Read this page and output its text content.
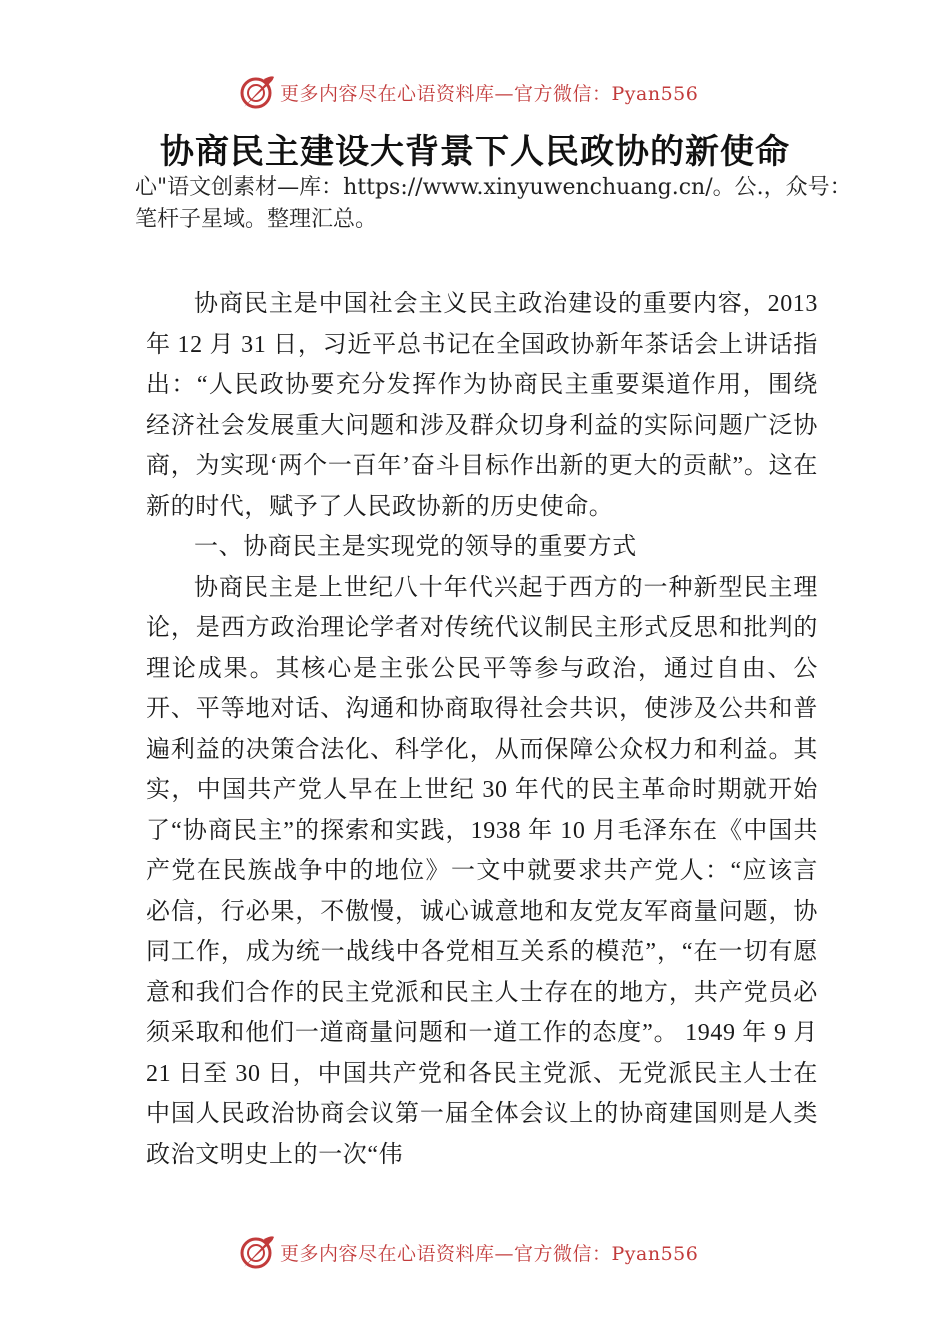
更多内容尽在心语资料库—官方微信：Pyan556
协商民主建设大背景下人民政协的新使命

心"语文创素材—库：https://www.xinyuwenchuang.cn/。公.，众号：笔杆子星域。整理汇总。

协商民主是中国社会主义民主政治建设的重要内容，2013 年 12 月 31 日，习近平总书记在全国政协新年茶话会上讲话指出：“人民政协要充分发挥作为协商民主重要渠道作用，围绕经济社会发展重大问题和涉及群众切身利益的实际问题广泛协商，为实现‘两个一百年’奋斗目标作出新的更大的贡献”。这在新的时代，赋予了人民政协新的历史使命。

一、协商民主是实现党的领导的重要方式

协商民主是上世纪八十年代兴起于西方的一种新型民主理论，是西方政治理论学者对传统代议制民主形式反思和批判的理论成果。其核心是主张公民平等参与政治，通过自由、公开、平等地对话、沟通和协商取得社会共识，使涉及公共和普遍利益的决策合法化、科学化，从而保障公众权力和利益。其实，中国共产党人早在上世纪 30 年代的民主革命时期就开始了“协商民主”的探索和实践，1938 年 10 月毛泽东在《中国共产党在民族战争中的地位》一文中就要求共产党人：“应该言必信，行必果，不傲慢，诚心诚意地和友党友军商量问题，协同工作，成为统一战线中各党相互关系的模范”，“在一切有愿意和我们合作的民主党派和民主人士存在的地方，共产党员必须采取和他们一道商量问题和一道工作的态度”。 1949 年 9 月 21 日至 30 日，中国共产党和各民主党派、无党派民主人士在中国人民政治协商会议第一届全体会议上的协商建国则是人类政治文明史上的一次“伟

更多内容尽在心语资料库—官方微信：Pyan556
